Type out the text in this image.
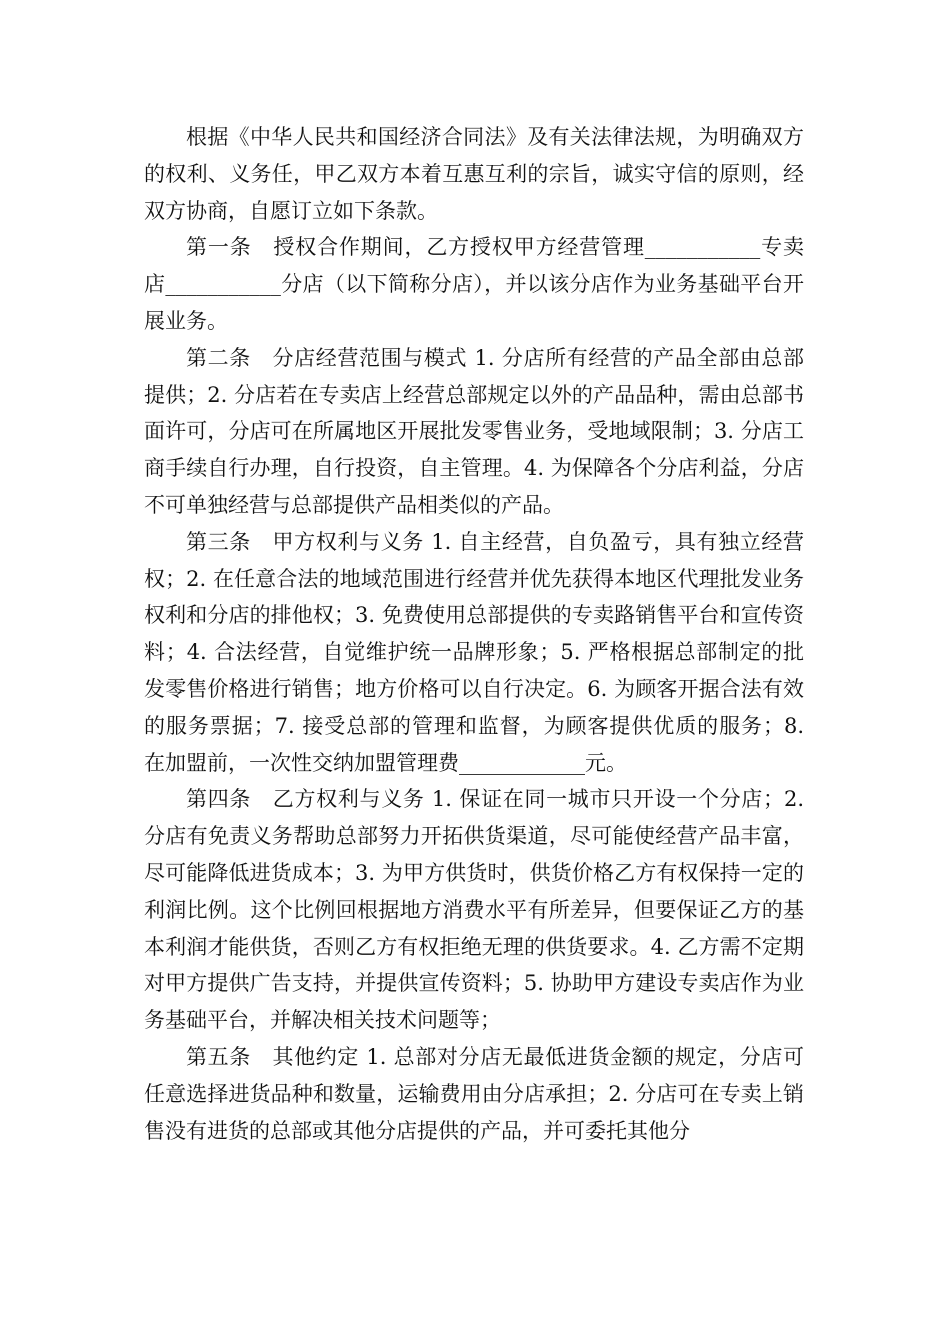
根据《中华人民共和国经济合同法》及有关法律法规，为明确双方的权利、义务任，甲乙双方本着互惠互利的宗旨，诚实守信的原则，经双方协商，自愿订立如下条款。

第一条　授权合作期间，乙方授权甲方经营管理___________专卖店___________分店（以下简称分店），并以该分店作为业务基础平台开展业务。

第二条　分店经营范围与模式 1. 分店所有经营的产品全部由总部提供；2. 分店若在专卖店上经营总部规定以外的产品品种，需由总部书面许可，分店可在所属地区开展批发零售业务，受地域限制；3. 分店工商手续自行办理，自行投资，自主管理。4. 为保障各个分店利益，分店不可单独经营与总部提供产品相类似的产品。

第三条　甲方权利与义务 1. 自主经营，自负盈亏，具有独立经营权；2. 在任意合法的地域范围进行经营并优先获得本地区代理批发业务权利和分店的排他权；3. 免费使用总部提供的专卖路销售平台和宣传资料；4. 合法经营，自觉维护统一品牌形象；5. 严格根据总部制定的批发零售价格进行销售；地方价格可以自行决定。6. 为顾客开据合法有效的服务票据；7. 接受总部的管理和监督，为顾客提供优质的服务；8. 在加盟前，一次性交纳加盟管理费____________元。

第四条　乙方权利与义务 1. 保证在同一城市只开设一个分店；2. 分店有免责义务帮助总部努力开拓供货渠道，尽可能使经营产品丰富，尽可能降低进货成本；3. 为甲方供货时，供货价格乙方有权保持一定的利润比例。这个比例回根据地方消费水平有所差异，但要保证乙方的基本利润才能供货，否则乙方有权拒绝无理的供货要求。4. 乙方需不定期对甲方提供广告支持，并提供宣传资料；5. 协助甲方建设专卖店作为业务基础平台，并解决相关技术问题等；

第五条　其他约定 1. 总部对分店无最低进货金额的规定，分店可任意选择进货品种和数量，运输费用由分店承担；2. 分店可在专卖上销售没有进货的总部或其他分店提供的产品，并可委托其他分
